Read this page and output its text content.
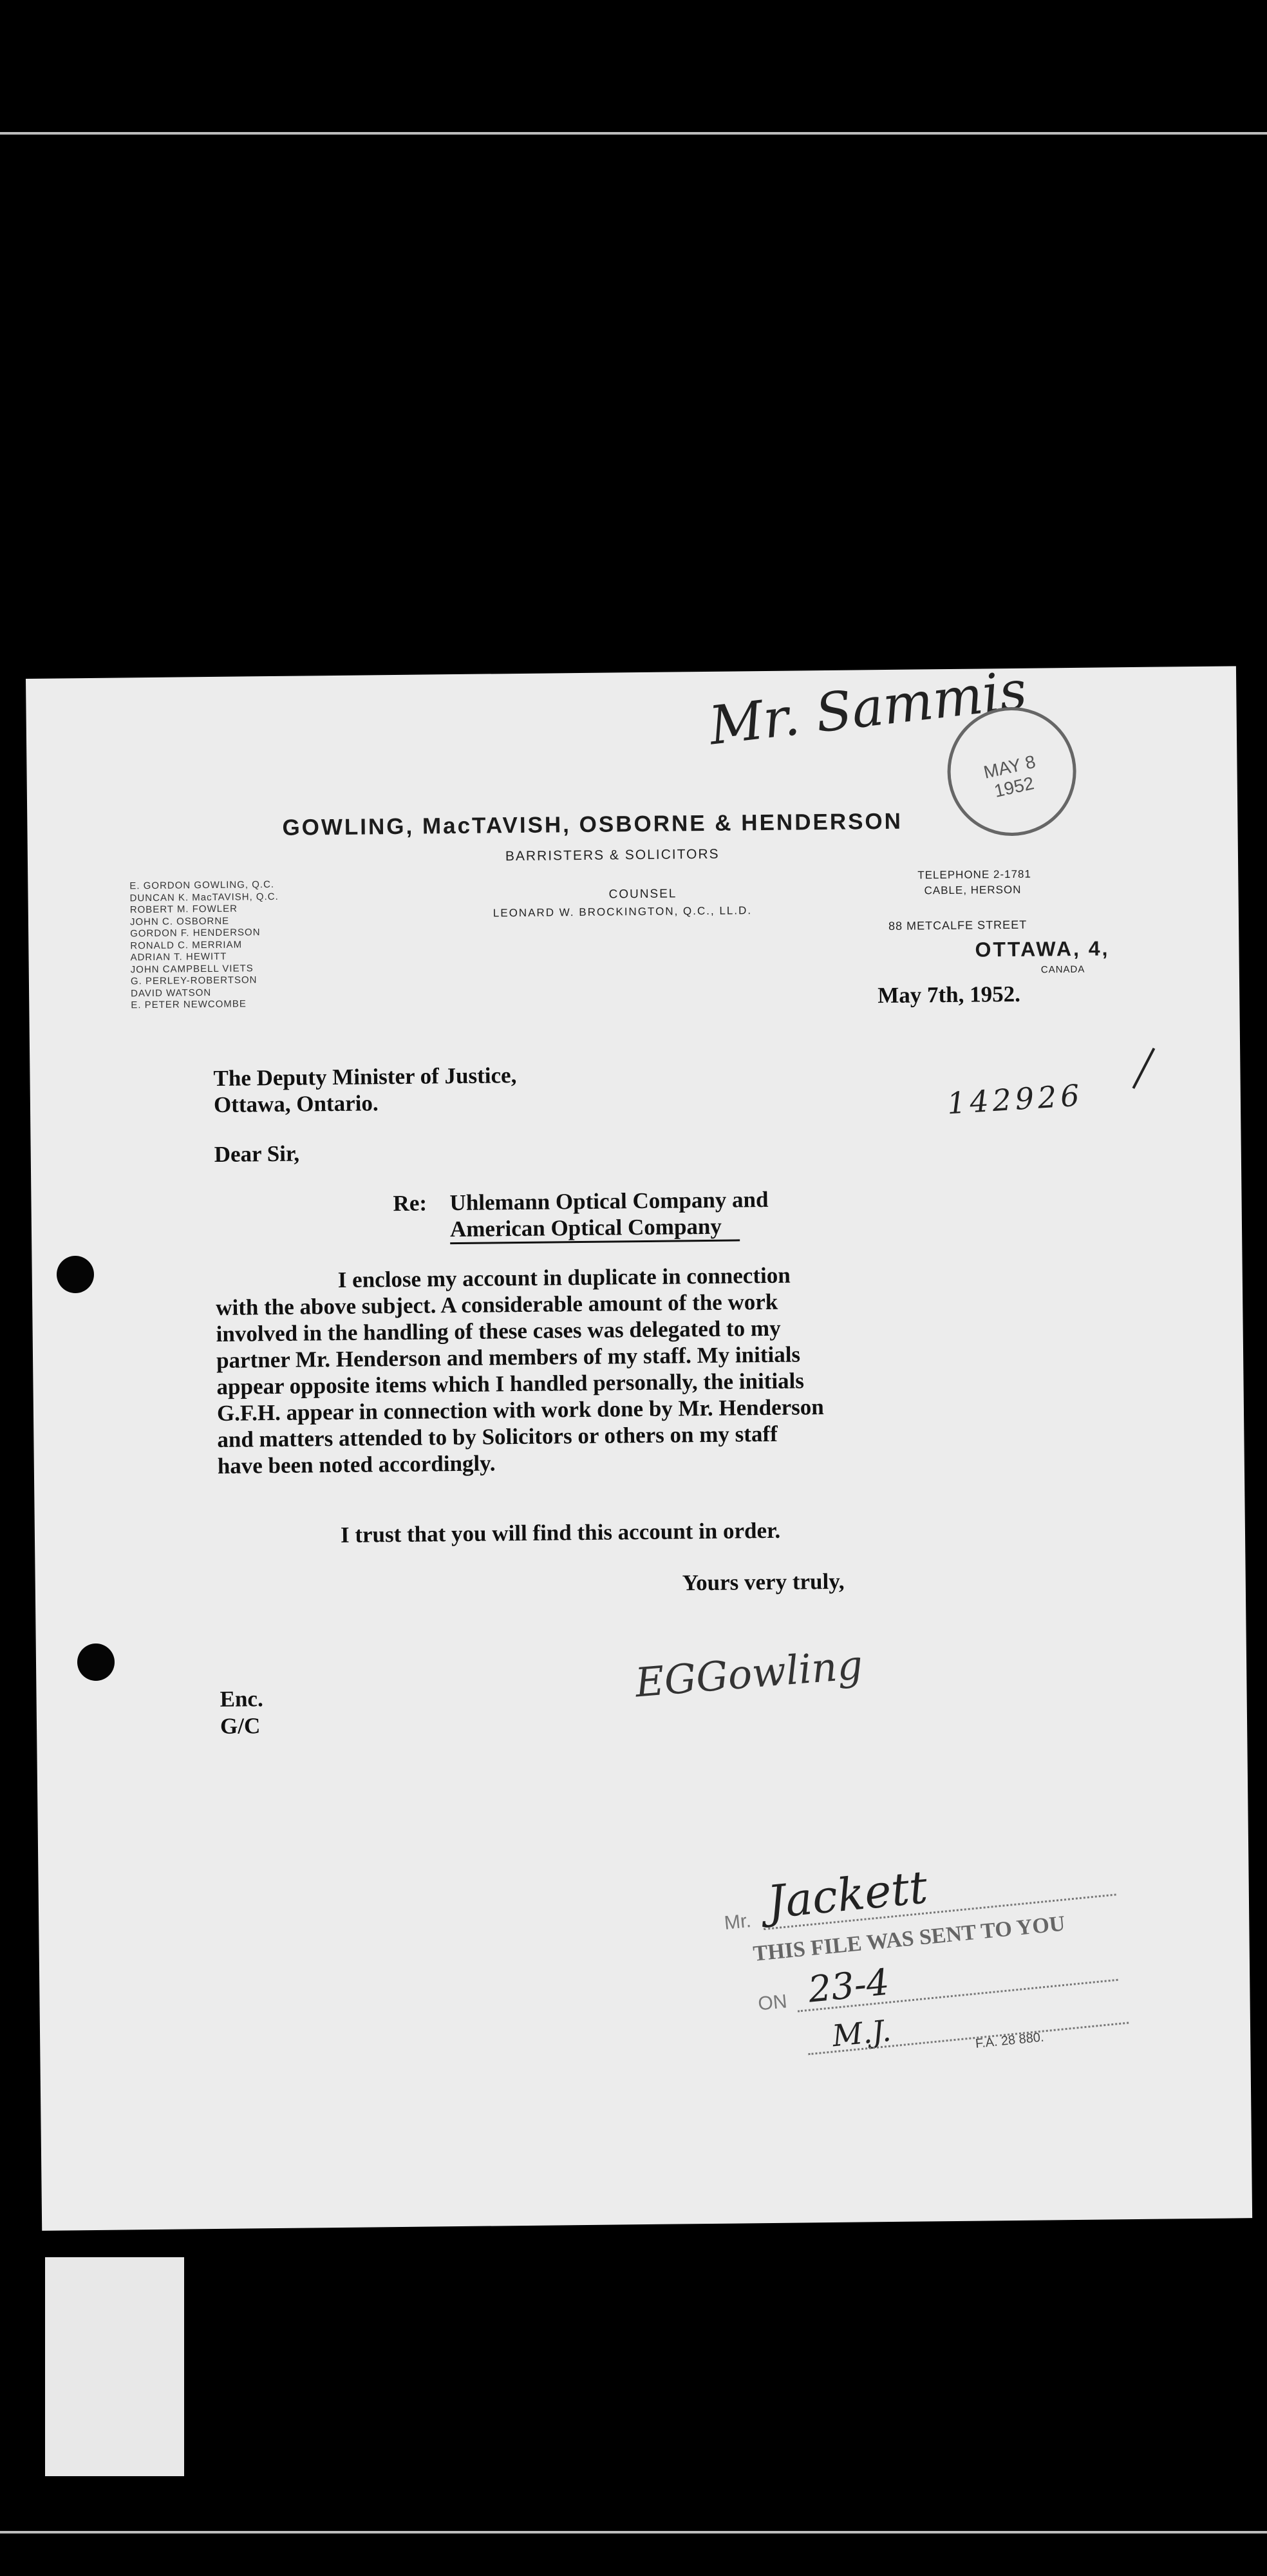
Mr. Sammis
MAY 8 1952
GOWLING, MacTAVISH, OSBORNE & HENDERSON
BARRISTERS & SOLICITORS
COUNSEL
LEONARD W. BROCKINGTON, Q.C., LL.D.
E. GORDON GOWLING, Q.C.
DUNCAN K. MacTAVISH, Q.C.
ROBERT M. FOWLER
JOHN C. OSBORNE
GORDON F. HENDERSON
RONALD C. MERRIAM
ADRIAN T. HEWITT
JOHN CAMPBELL VIETS
G. PERLEY-ROBERTSON
DAVID WATSON
E. PETER NEWCOMBE
TELEPHONE 2-1781
CABLE, HERSON
88 METCALFE STREET
OTTAWA, 4,
CANADA
May 7th, 1952.
The Deputy Minister of Justice,
Ottawa, Ontario.	142926
Dear Sir,
Re: Uhlemann Optical Company and
American Optical Company
I enclose my account in duplicate in connection
with the above subject. A considerable amount of the work
involved in the handling of these cases was delegated to my
partner Mr. Henderson and members of my staff. My initials
appear opposite items which I handled personally, the initials
G.F.H. appear in connection with work done by Mr. Henderson
and matters attended to by Solicitors or others on my staff
have been noted accordingly.
I trust that you will find this account in order.
Yours very truly,
EGGowling
Enc.
G/C
Mr. Jackett
THIS FILE WAS SENT TO YOU
ON 23-4
M.J.	F.A. 28 880.
